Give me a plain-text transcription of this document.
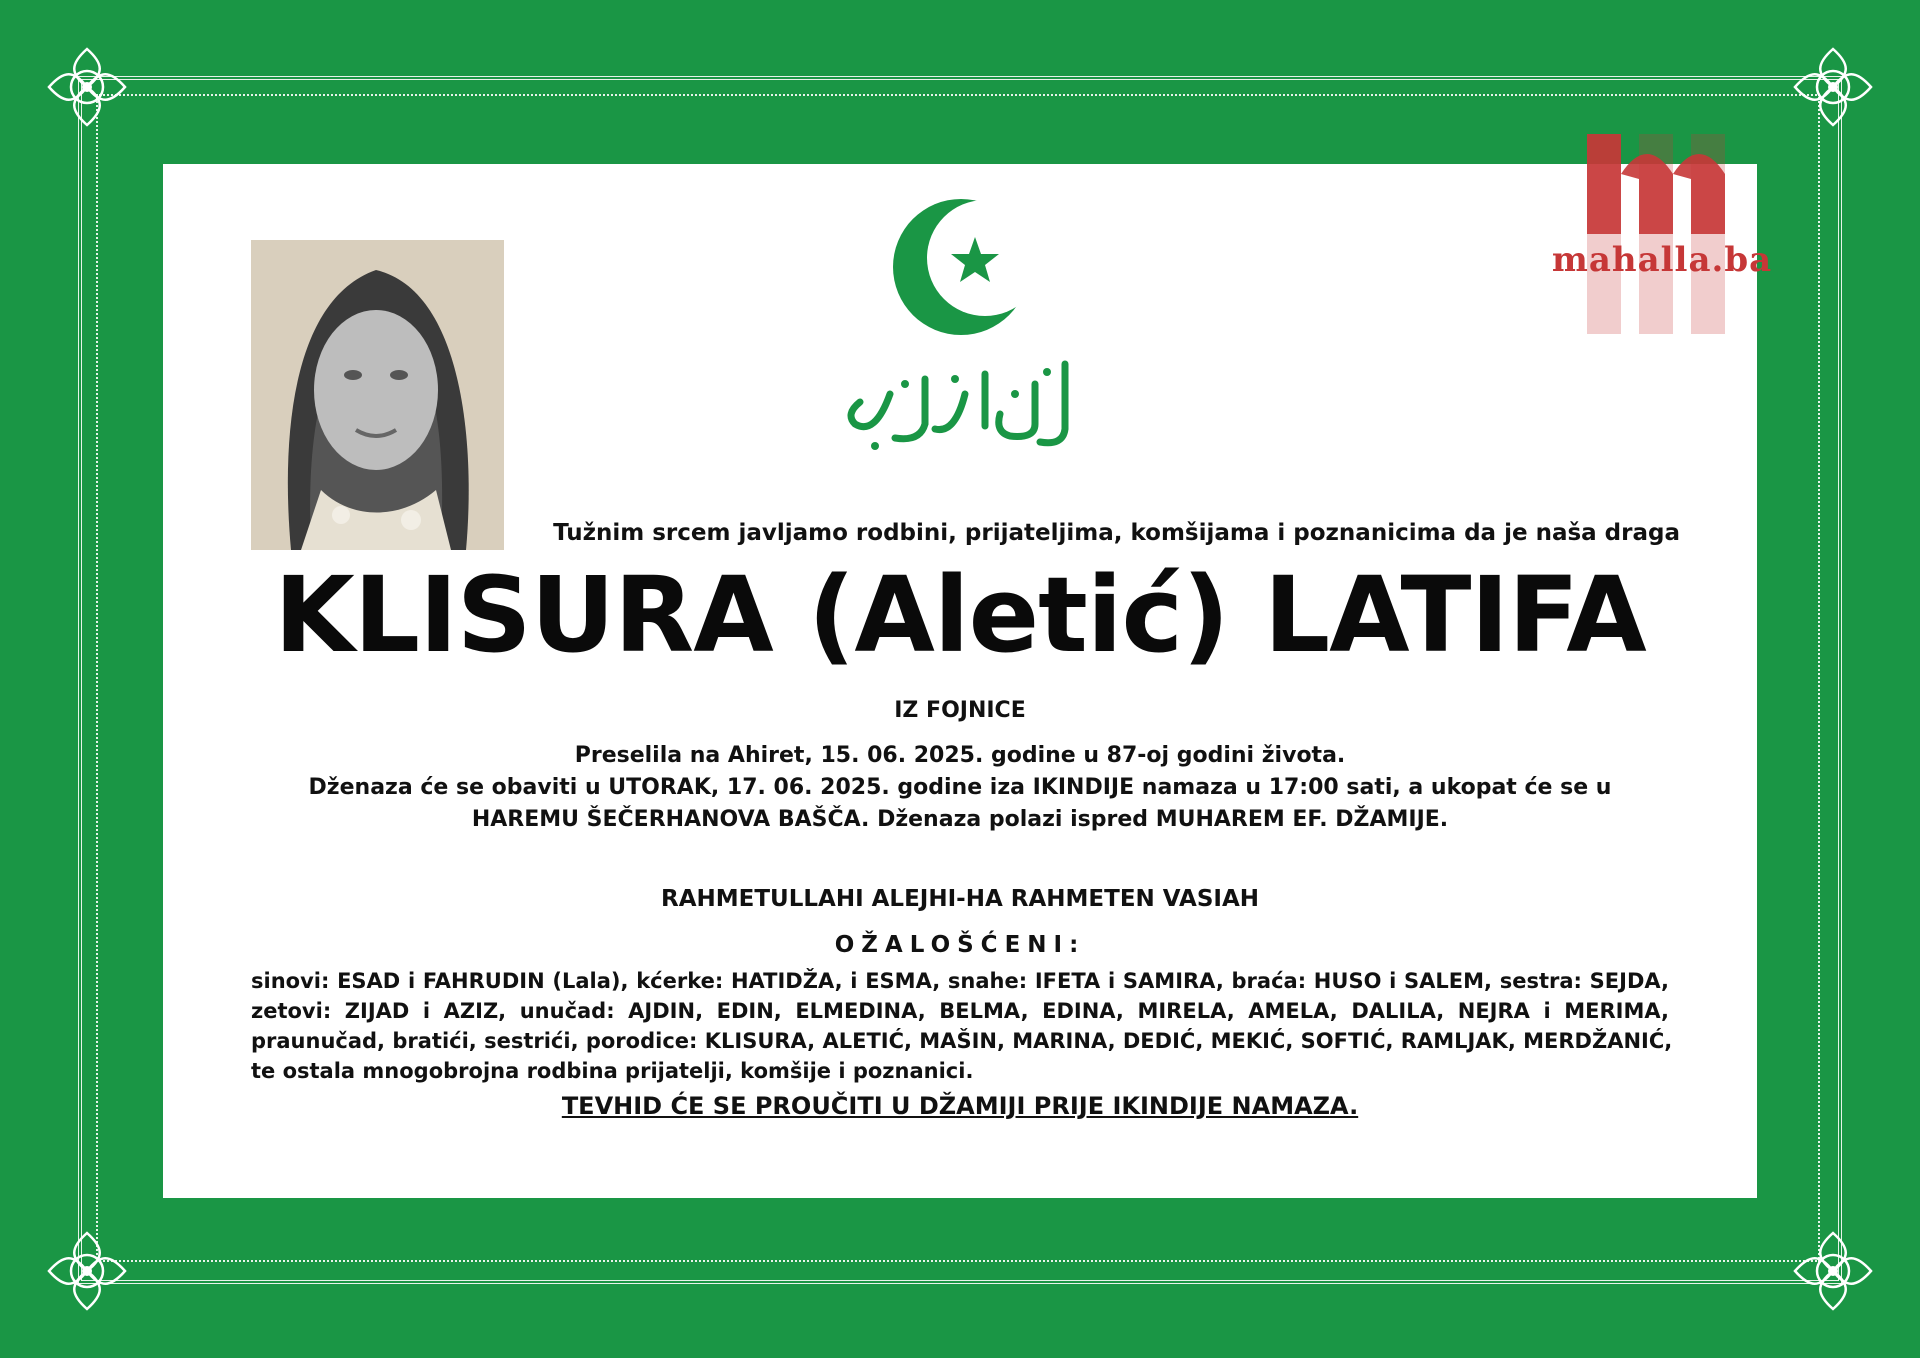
mahalla.ba
Tužnim srcem javljamo rodbini, prijateljima, komšijama i poznanicima da je naša draga
KLISURA (Aletić) LATIFA
IZ FOJNICE
Preselila na Ahiret, 15. 06. 2025. godine u 87-oj godini života.
Dženaza će se obaviti u UTORAK, 17. 06. 2025. godine iza IKINDIJE namaza u 17:00 sati, a ukopat će se u
HAREMU ŠEČERHANOVA BAŠČA. Dženaza polazi ispred MUHAREM EF. DŽAMIJE.
RAHMETULLAHI ALEJHI-HA RAHMETEN VASIAH
OŽALOŠĆENI:
sinovi: ESAD i FAHRUDIN (Lala), kćerke: HATIDŽA, i ESMA, snahe: IFETA i SAMIRA, braća: HUSO i SALEM, sestra: SEJDA,
zetovi: ZIJAD i AZIZ, unučad: AJDIN, EDIN, ELMEDINA, BELMA, EDINA, MIRELA, AMELA, DALILA, NEJRA i MERIMA,
praunučad, bratići, sestrići, porodice: KLISURA, ALETIĆ, MAŠIN, MARINA, DEDIĆ, MEKIĆ, SOFTIĆ, RAMLJAK, MERDŽANIĆ,
te ostala mnogobrojna rodbina prijatelji, komšije i poznanici.
TEVHID ĆE SE PROUČITI U DŽAMIJI PRIJE IKINDIJE NAMAZA.
